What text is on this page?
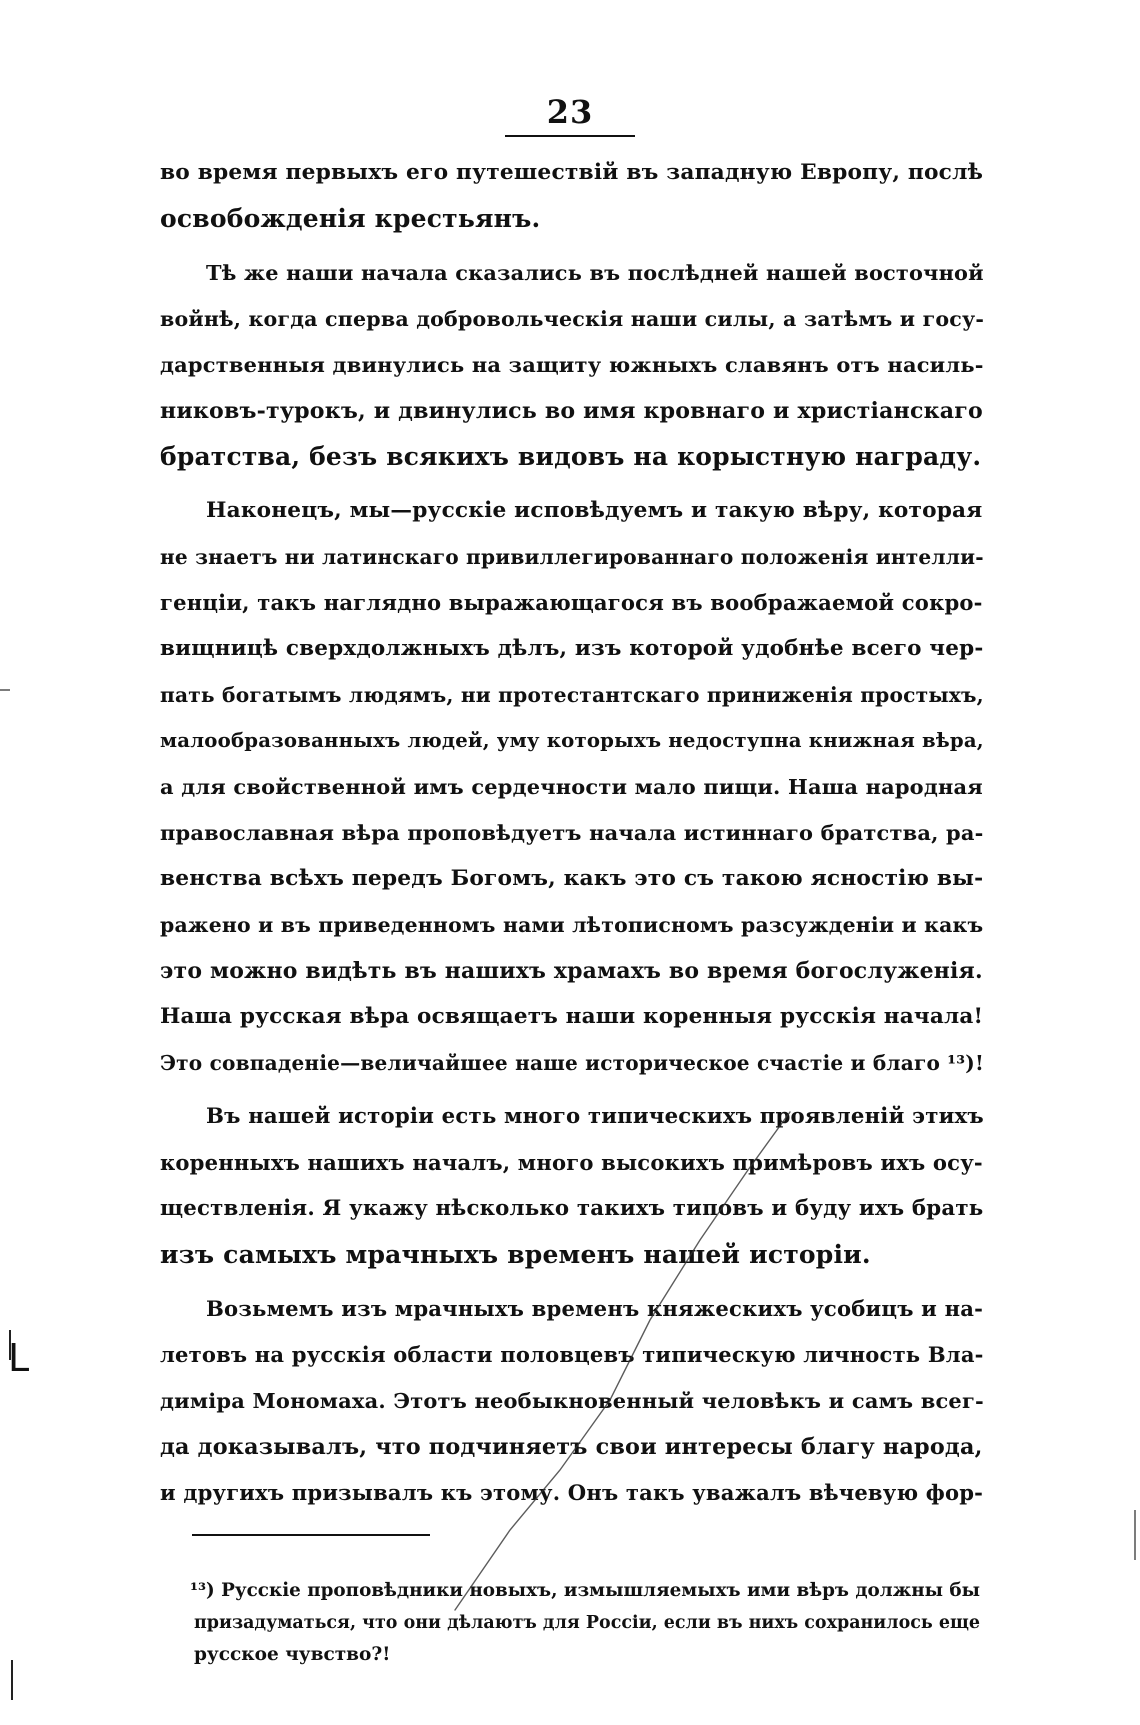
23
во время первыхъ его путешествій въ западную Европу, послѣ
освобожденія крестьянъ.
Тѣ же наши начала сказались въ послѣдней нашей восточной
войнѣ, когда сперва добровольческія наши силы, а затѣмъ и госу-
дарственныя двинулись на защиту южныхъ славянъ отъ насиль-
никовъ-турокъ, и двинулись во имя кровнаго и христіанскаго
братства, безъ всякихъ видовъ на корыстную награду.
Наконецъ, мы—русскіе исповѣдуемъ и такую вѣру, которая
не знаетъ ни латинскаго привиллегированнаго положенія интелли-
генціи, такъ наглядно выражающагося въ воображаемой сокро-
вищницѣ сверхдолжныхъ дѣлъ, изъ которой удобнѣе всего чер-
пать богатымъ людямъ, ни протестантскаго приниженія простыхъ,
малообразованныхъ людей, уму которыхъ недоступна книжная вѣра,
а для свойственной имъ сердечности мало пищи. Наша народная
православная вѣра проповѣдуетъ начала истиннаго братства, ра-
венства всѣхъ передъ Богомъ, какъ это съ такою ясностію вы-
ражено и въ приведенномъ нами лѣтописномъ разсужденіи и какъ
это можно видѣть въ нашихъ храмахъ во время богослуженія.
Наша русская вѣра освящаетъ наши коренныя русскія начала!
Это совпаденіе—величайшее наше историческое счастіе и благо ¹³)!
Въ нашей исторіи есть много типическихъ проявленій этихъ
коренныхъ нашихъ началъ, много высокихъ примѣровъ ихъ осу-
ществленія. Я укажу нѣсколько такихъ типовъ и буду ихъ брать
изъ самыхъ мрачныхъ временъ нашей исторіи.
Возьмемъ изъ мрачныхъ временъ княжескихъ усобицъ и на-
летовъ на русскія области половцевъ типическую личность Вла-
диміра Мономаха. Этотъ необыкновенный человѣкъ и самъ всег-
да доказывалъ, что подчиняетъ свои интересы благу народа,
и другихъ призывалъ къ этому. Онъ такъ уважалъ вѣчевую фор-
¹³) Русскіе проповѣдники новыхъ, измышляемыхъ ими вѣръ должны бы
призадуматься, что они дѣлаютъ для Россіи, если въ нихъ сохранилось еще
русское чувство?!
L
